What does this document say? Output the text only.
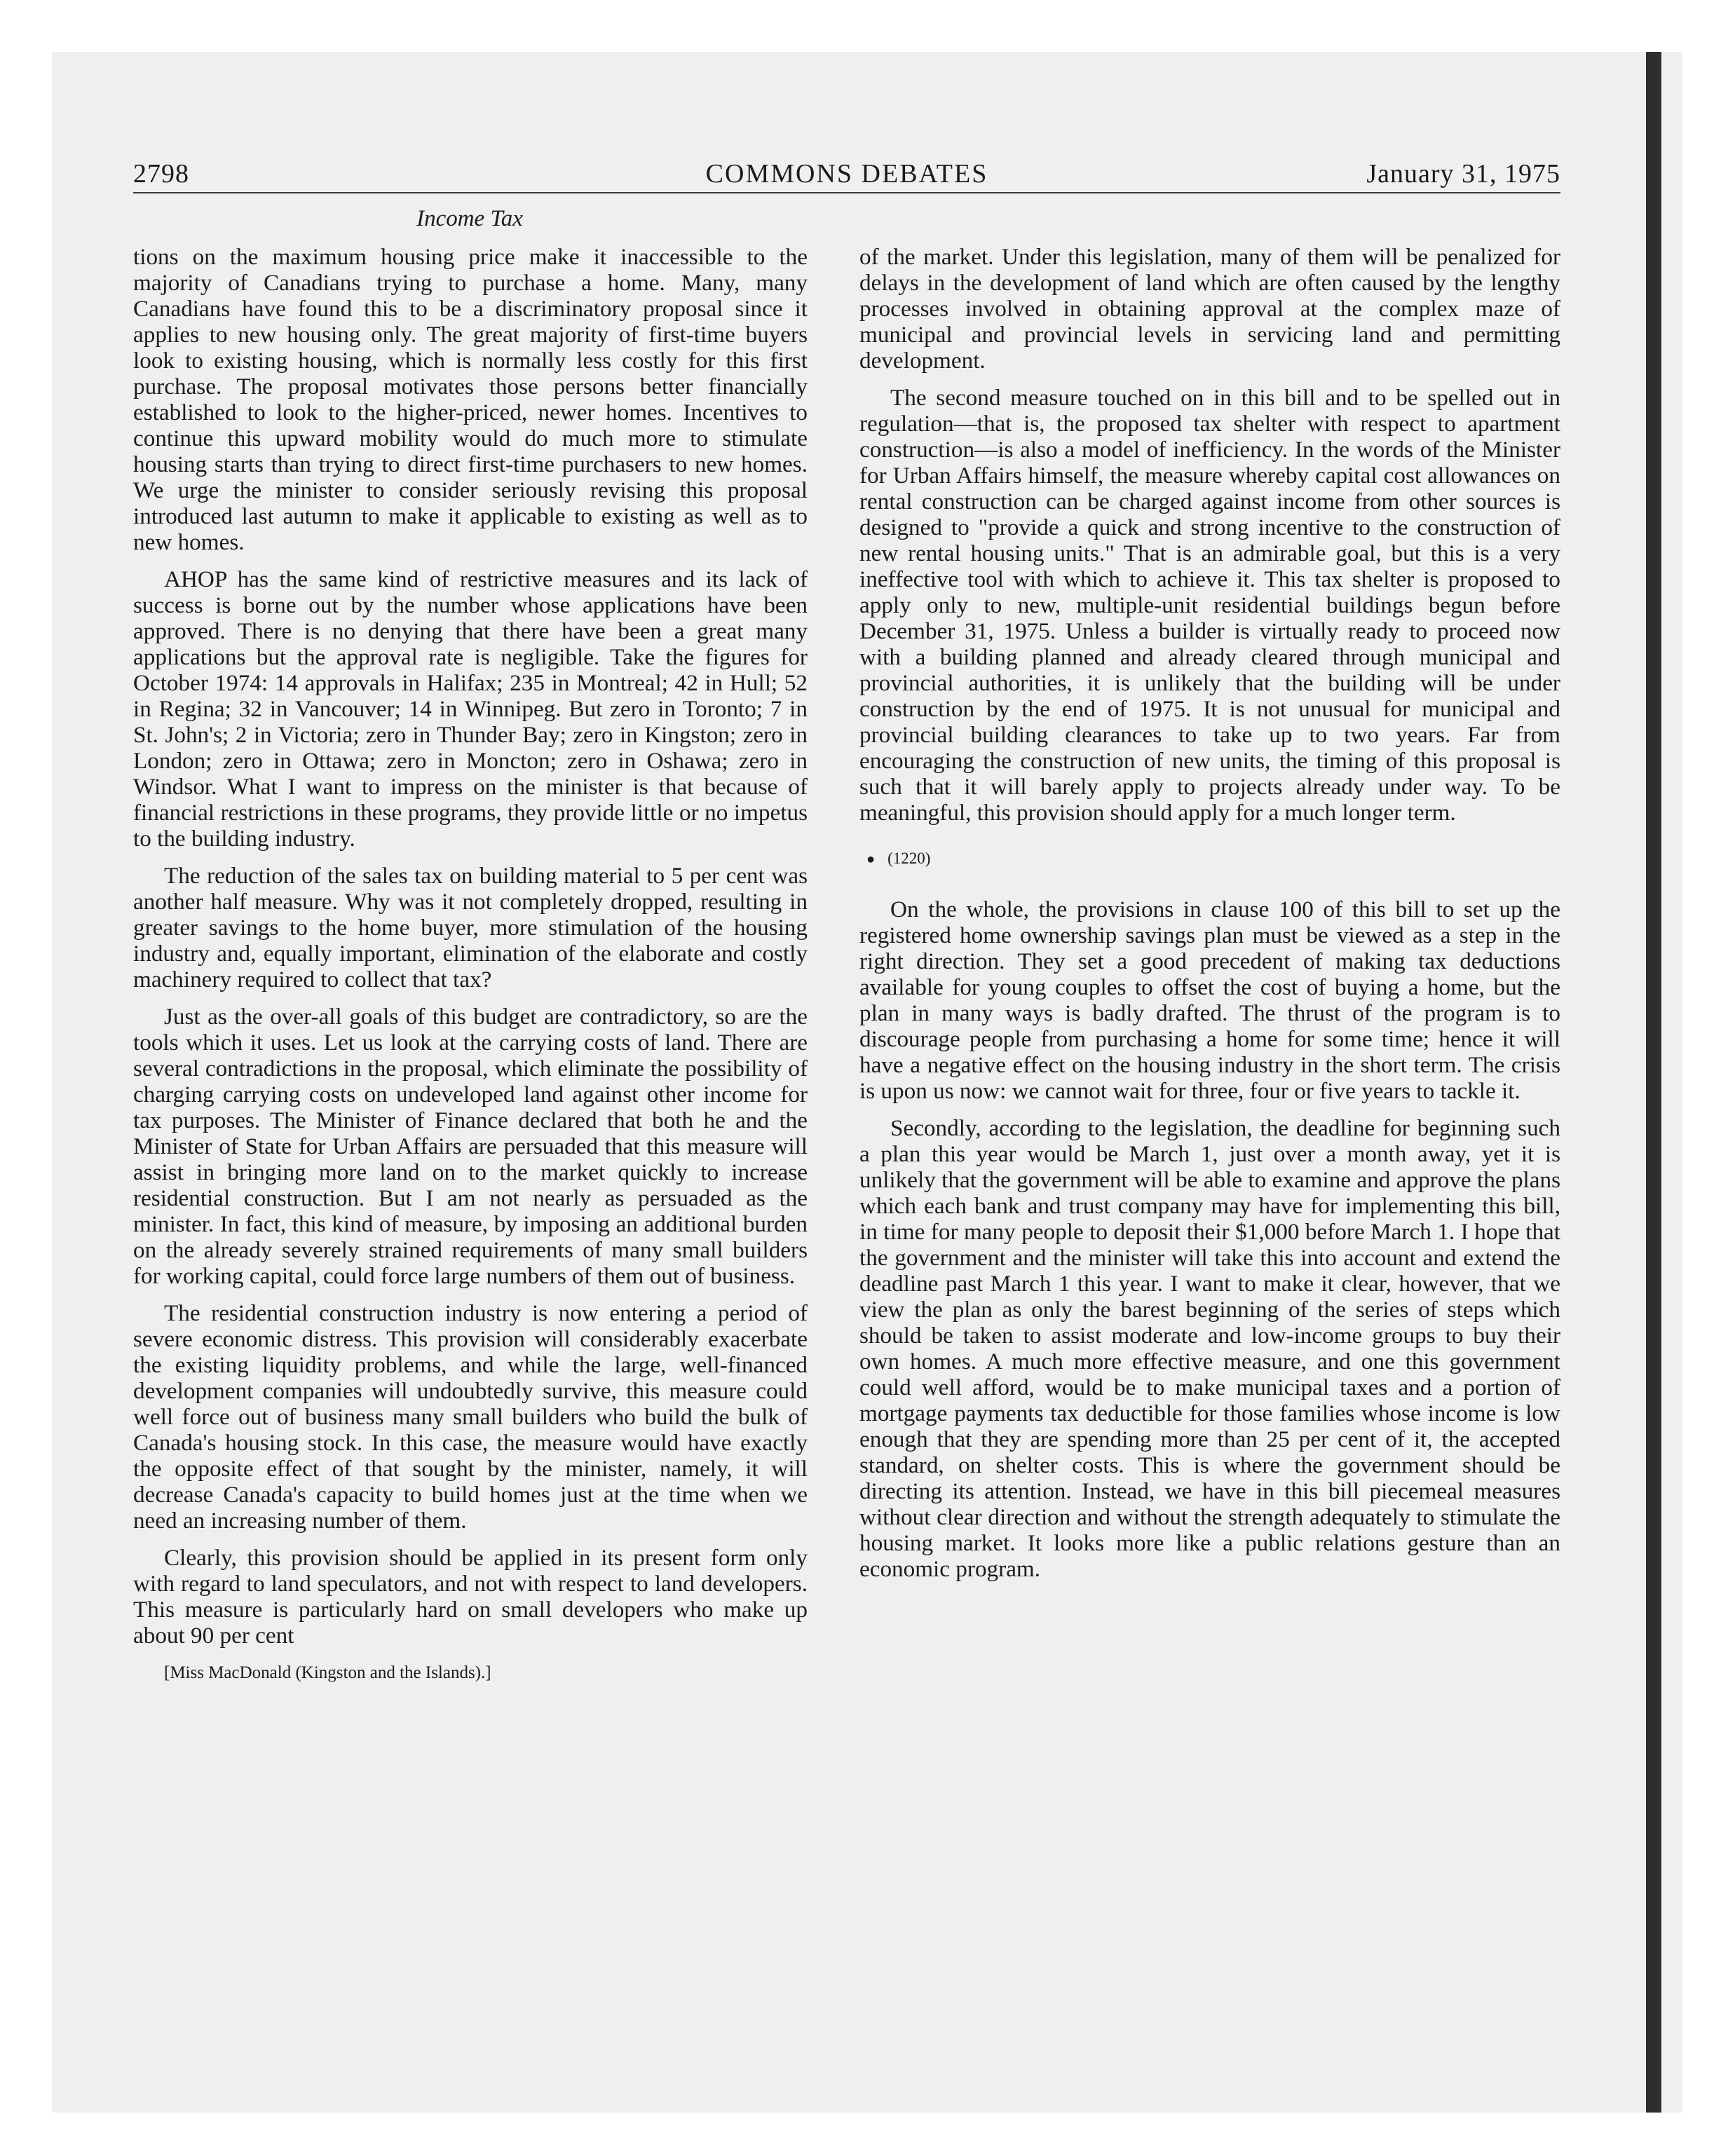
2798	COMMONS DEBATES	January 31, 1975
Income Tax

tions on the maximum housing price make it inaccessible to the majority of Canadians trying to purchase a home. Many, many Canadians have found this to be a discriminatory proposal since it applies to new housing only. The great majority of first-time buyers look to existing housing, which is normally less costly for this first purchase. The proposal motivates those persons better financially established to look to the higher-priced, newer homes. Incentives to continue this upward mobility would do much more to stimulate housing starts than trying to direct first-time purchasers to new homes. We urge the minister to consider seriously revising this proposal introduced last autumn to make it applicable to existing as well as to new homes.

AHOP has the same kind of restrictive measures and its lack of success is borne out by the number whose applications have been approved. There is no denying that there have been a great many applications but the approval rate is negligible. Take the figures for October 1974: 14 approvals in Halifax; 235 in Montreal; 42 in Hull; 52 in Regina; 32 in Vancouver; 14 in Winnipeg. But zero in Toronto; 7 in St. John's; 2 in Victoria; zero in Thunder Bay; zero in Kingston; zero in London; zero in Ottawa; zero in Moncton; zero in Oshawa; zero in Windsor. What I want to impress on the minister is that because of financial restrictions in these programs, they provide little or no impetus to the building industry.

The reduction of the sales tax on building material to 5 per cent was another half measure. Why was it not completely dropped, resulting in greater savings to the home buyer, more stimulation of the housing industry and, equally important, elimination of the elaborate and costly machinery required to collect that tax?

Just as the over-all goals of this budget are contradictory, so are the tools which it uses. Let us look at the carrying costs of land. There are several contradictions in the proposal, which eliminate the possibility of charging carrying costs on undeveloped land against other income for tax purposes. The Minister of Finance declared that both he and the Minister of State for Urban Affairs are persuaded that this measure will assist in bringing more land on to the market quickly to increase residential construction. But I am not nearly as persuaded as the minister. In fact, this kind of measure, by imposing an additional burden on the already severely strained requirements of many small builders for working capital, could force large numbers of them out of business.

The residential construction industry is now entering a period of severe economic distress. This provision will considerably exacerbate the existing liquidity problems, and while the large, well-financed development companies will undoubtedly survive, this measure could well force out of business many small builders who build the bulk of Canada's housing stock. In this case, the measure would have exactly the opposite effect of that sought by the minister, namely, it will decrease Canada's capacity to build homes just at the time when we need an increasing number of them.

Clearly, this provision should be applied in its present form only with regard to land speculators, and not with respect to land developers. This measure is particularly hard on small developers who make up about 90 per cent

[Miss MacDonald (Kingston and the Islands).]

of the market. Under this legislation, many of them will be penalized for delays in the development of land which are often caused by the lengthy processes involved in obtaining approval at the complex maze of municipal and provincial levels in servicing land and permitting development.

The second measure touched on in this bill and to be spelled out in regulation—that is, the proposed tax shelter with respect to apartment construction—is also a model of inefficiency. In the words of the Minister for Urban Affairs himself, the measure whereby capital cost allowances on rental construction can be charged against income from other sources is designed to "provide a quick and strong incentive to the construction of new rental housing units." That is an admirable goal, but this is a very ineffective tool with which to achieve it. This tax shelter is proposed to apply only to new, multiple-unit residential buildings begun before December 31, 1975. Unless a builder is virtually ready to proceed now with a building planned and already cleared through municipal and provincial authorities, it is unlikely that the building will be under construction by the end of 1975. It is not unusual for municipal and provincial building clearances to take up to two years. Far from encouraging the construction of new units, the timing of this proposal is such that it will barely apply to projects already under way. To be meaningful, this provision should apply for a much longer term.

● (1220)

On the whole, the provisions in clause 100 of this bill to set up the registered home ownership savings plan must be viewed as a step in the right direction. They set a good precedent of making tax deductions available for young couples to offset the cost of buying a home, but the plan in many ways is badly drafted. The thrust of the program is to discourage people from purchasing a home for some time; hence it will have a negative effect on the housing industry in the short term. The crisis is upon us now: we cannot wait for three, four or five years to tackle it.

Secondly, according to the legislation, the deadline for beginning such a plan this year would be March 1, just over a month away, yet it is unlikely that the government will be able to examine and approve the plans which each bank and trust company may have for implementing this bill, in time for many people to deposit their $1,000 before March 1. I hope that the government and the minister will take this into account and extend the deadline past March 1 this year. I want to make it clear, however, that we view the plan as only the barest beginning of the series of steps which should be taken to assist moderate and low-income groups to buy their own homes. A much more effective measure, and one this government could well afford, would be to make municipal taxes and a portion of mortgage payments tax deductible for those families whose income is low enough that they are spending more than 25 per cent of it, the accepted standard, on shelter costs. This is where the government should be directing its attention. Instead, we have in this bill piecemeal measures without clear direction and without the strength adequately to stimulate the housing market. It looks more like a public relations gesture than an economic program.
